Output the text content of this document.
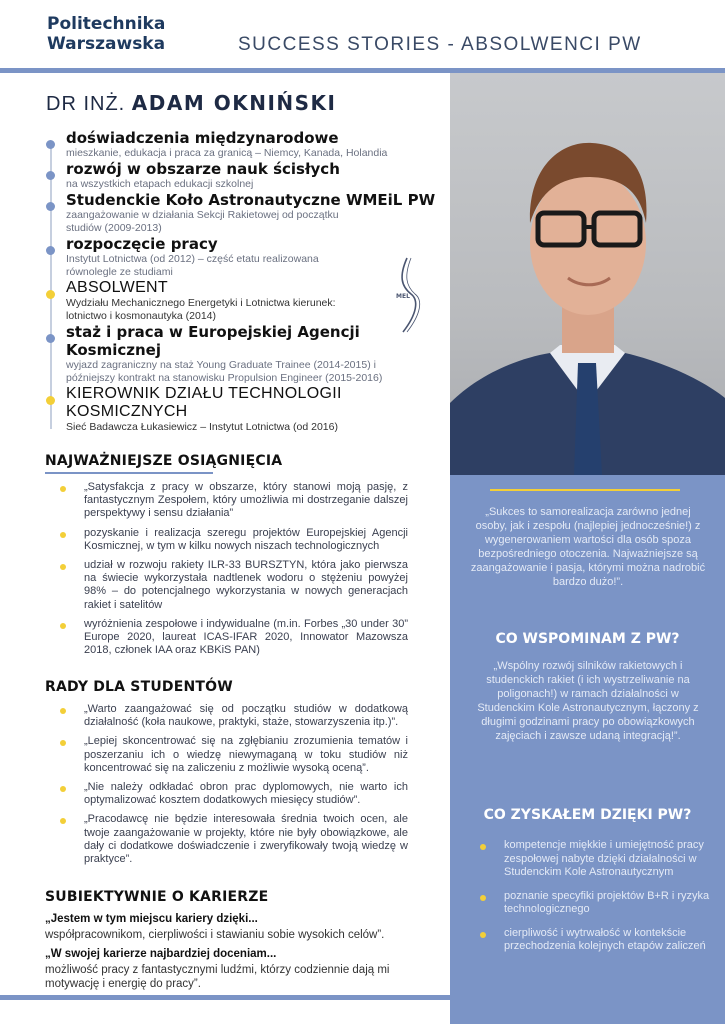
Politechnika
Warszawska	SUCCESS STORIES - ABSOLWENCI PW
DR INŻ. ADAM OKNIŃSKI
doświadczenia międzynarodowe
mieszkanie, edukacja i praca za granicą – Niemcy, Kanada, Holandia
rozwój w obszarze nauk ścisłych
na wszystkich etapach edukacji szkolnej
Studenckie Koło Astronautyczne WMEiL PW
zaangażowanie w działania Sekcji Rakietowej od początku studiów (2009-2013)
rozpoczęcie pracy
Instytut Lotnictwa (od 2012) – część etatu realizowana równolegle ze studiami
ABSOLWENT
Wydziału Mechanicznego Energetyki i Lotnictwa kierunek: lotnictwo i kosmonautyka (2014)
staż i praca w Europejskiej Agencji Kosmicznej
wyjazd zagraniczny na staż Young Graduate Trainee (2014-2015) i późniejszy kontrakt na stanowisku Propulsion Engineer (2015-2016)
KIEROWNIK DZIAŁU TECHNOLOGII KOSMICZNYCH
Sieć Badawcza Łukasiewicz – Instytut Lotnictwa (od 2016)
MEL
NAJWAŻNIEJSZE OSIĄGNIĘCIA
„Satysfakcja z pracy w obszarze, który stanowi moją pasję, z fantastycznym Zespołem, który umożliwia mi dostrzeganie dalszej perspektywy i sensu działania”
pozyskanie i realizacja szeregu projektów Europejskiej Agencji Kosmicznej, w tym w kilku nowych niszach technologicznych
udział w rozwoju rakiety ILR-33 BURSZTYN, która jako pierwsza na świecie wykorzystała nadtlenek wodoru o stężeniu powyżej 98% – do potencjalnego wykorzystania w nowych generacjach rakiet i satelitów
wyróżnienia zespołowe i indywidualne (m.in. Forbes „30 under 30” Europe 2020, laureat ICAS-IFAR 2020, Innowator Mazowsza 2018, członek IAA oraz KBKiS PAN)
RADY DLA STUDENTÓW
„Warto zaangażować się od początku studiów w dodatkową działalność (koła naukowe, praktyki, staże, stowarzyszenia itp.)”.
„Lepiej skoncentrować się na zgłębianiu zrozumienia tematów i poszerzaniu ich o wiedzę niewymaganą w toku studiów niż koncentrować się na zaliczeniu z możliwie wysoką oceną”.
„Nie należy odkładać obron prac dyplomowych, nie warto ich optymalizować kosztem dodatkowych miesięcy studiów”.
„Pracodawcę nie będzie interesowała średnia twoich ocen, ale twoje zaangażowanie w projekty, które nie były obowiązkowe, ale dały ci dodatkowe doświadczenie i zweryfikowały twoją wiedzę w praktyce”.
SUBIEKTYWNIE O KARIERZE
„Jestem w tym miejscu kariery dzięki...
współpracownikom, cierpliwości i stawianiu sobie wysokich celów”.
„W swojej karierze najbardziej doceniam...
możliwość pracy z fantastycznymi ludźmi, którzy codziennie dają mi motywację i energię do pracy”.
„Sukces to samorealizacja zarówno jednej osoby, jak i zespołu (najlepiej jednocześnie!) z wygenerowaniem wartości dla osób spoza bezpośredniego otoczenia. Najważniejsze są zaangażowanie i pasja, którymi można nadrobić bardzo dużo!”.
CO WSPOMINAM Z PW?
„Wspólny rozwój silników rakietowych i studenckich rakiet (i ich wystrzeliwanie na poligonach!) w ramach działalności w Studenckim Kole Astronautycznym, łączony z długimi godzinami pracy po obowiązkowych zajęciach i zawsze udaną integracją!”.
CO ZYSKAŁEM DZIĘKI PW?
kompetencje miękkie i umiejętność pracy zespołowej nabyte dzięki działalności w Studenckim Kole Astronautycznym
poznanie specyfiki projektów B+R i ryzyka technologicznego
cierpliwość i wytrwałość w kontekście przechodzenia kolejnych etapów zaliczeń
